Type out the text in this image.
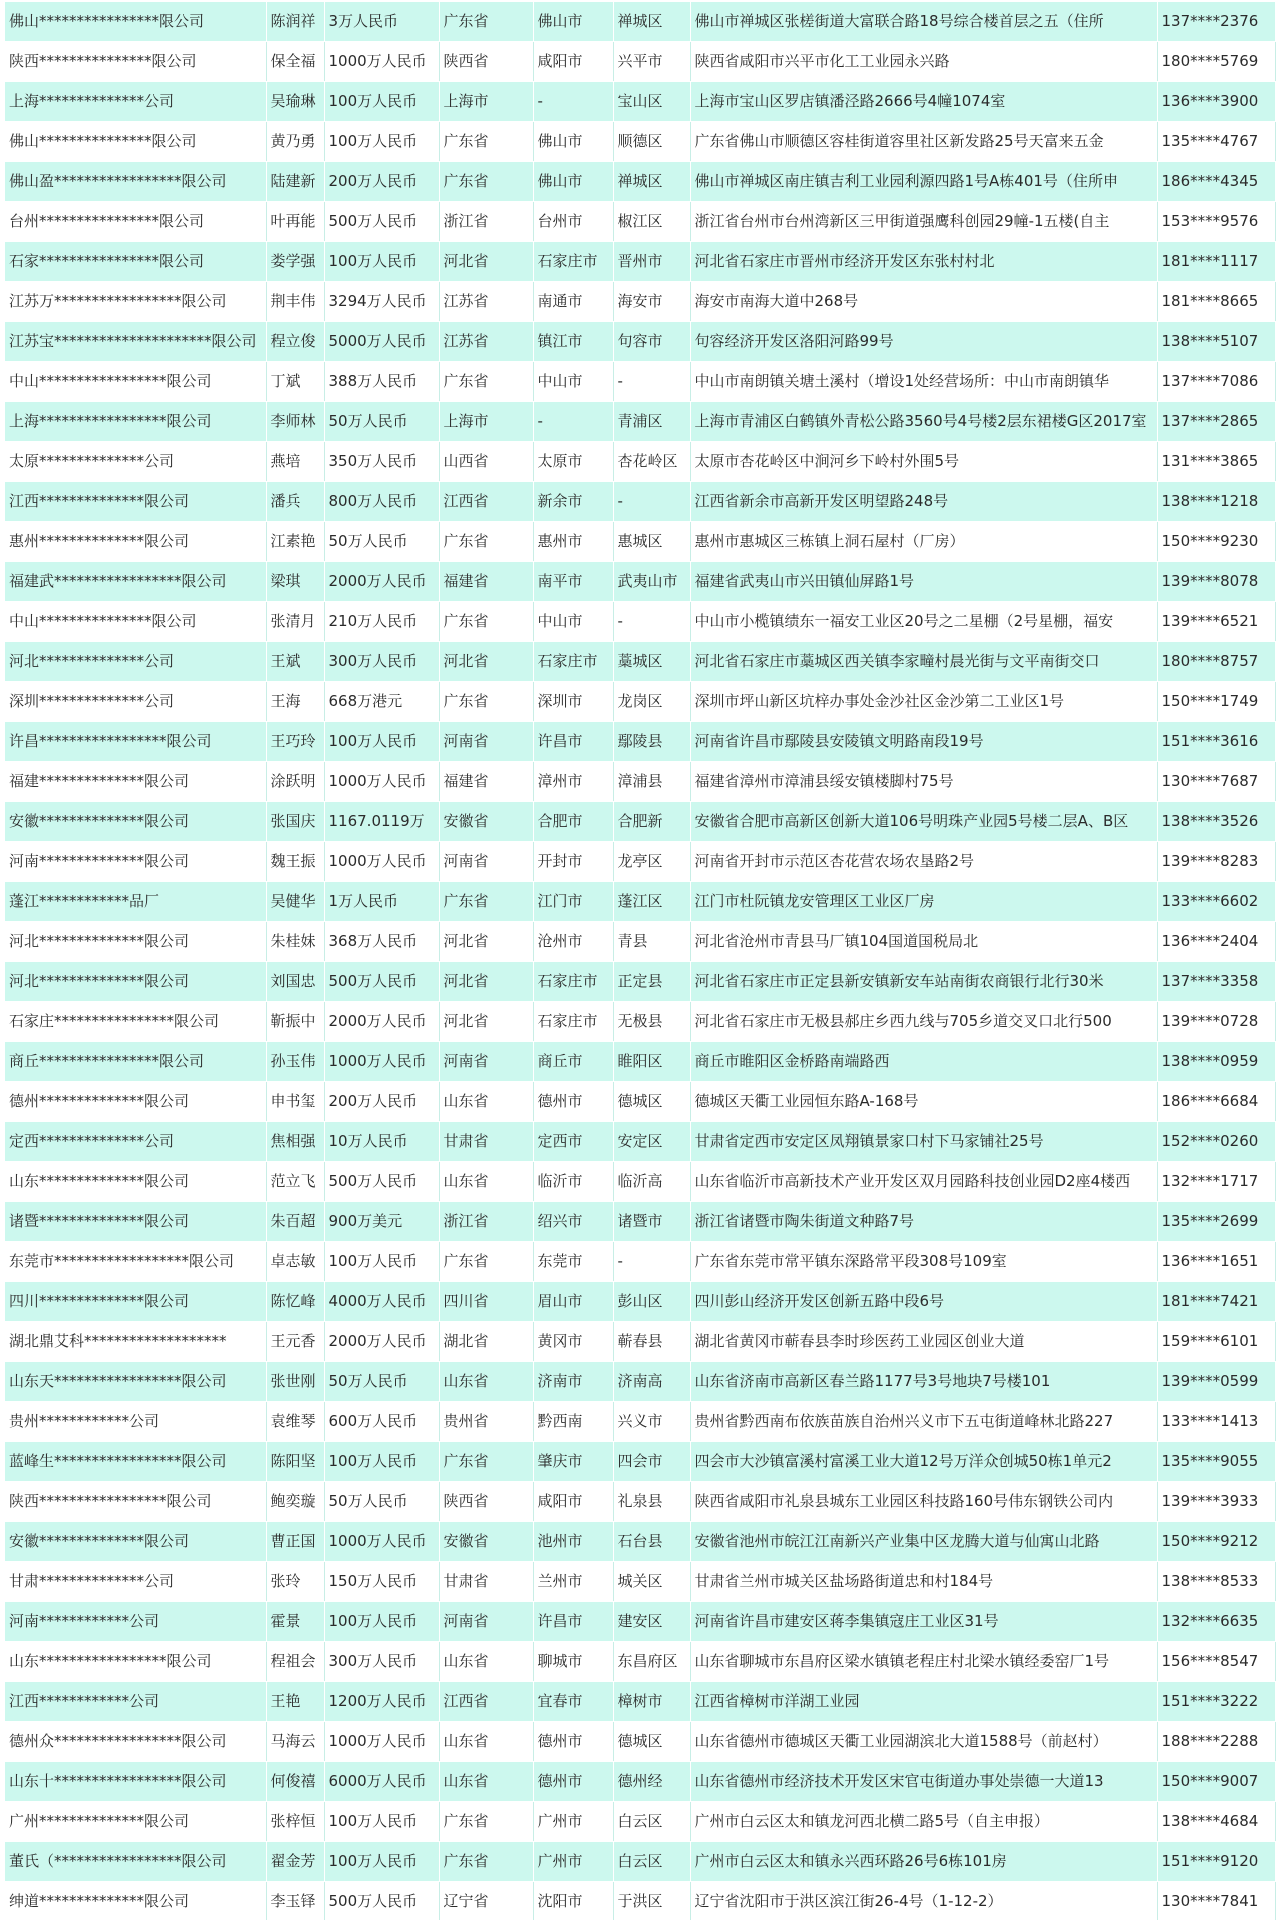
佛山****************限公司	陈润祥	3万人民币	广东省	佛山市	禅城区	佛山市禅城区张槎街道大富联合路18号综合楼首层之五（住所	137****2376
陕西***************限公司	保全福	1000万人民币	陕西省	咸阳市	兴平市	陕西省咸阳市兴平市化工工业园永兴路	180****5769
上海**************公司	吴瑜琳	100万人民币	上海市	-	宝山区	上海市宝山区罗店镇潘泾路2666号4幢1074室	136****3900
佛山***************限公司	黄乃勇	100万人民币	广东省	佛山市	顺德区	广东省佛山市顺德区容桂街道容里社区新发路25号天富来五金	135****4767
佛山盈*****************限公司	陆建新	200万人民币	广东省	佛山市	禅城区	佛山市禅城区南庄镇吉利工业园利源四路1号A栋401号（住所申	186****4345
台州****************限公司	叶再能	500万人民币	浙江省	台州市	椒江区	浙江省台州市台州湾新区三甲街道强鹰科创园29幢-1五楼(自主	153****9576
石家****************限公司	娄学强	100万人民币	河北省	石家庄市	晋州市	河北省石家庄市晋州市经济开发区东张村村北	181****1117
江苏万*****************限公司	荆丰伟	3294万人民币	江苏省	南通市	海安市	海安市南海大道中268号	181****8665
江苏宝*********************限公司	程立俊	5000万人民币	江苏省	镇江市	句容市	句容经济开发区洛阳河路99号	138****5107
中山*****************限公司	丁斌	388万人民币	广东省	中山市	-	中山市南朗镇关塘土溪村（增设1处经营场所：中山市南朗镇华	137****7086
上海*****************限公司	李师林	50万人民币	上海市	-	青浦区	上海市青浦区白鹤镇外青松公路3560号4号楼2层东裙楼G区2017室	137****2865
太原**************公司	燕培	350万人民币	山西省	太原市	杏花岭区	太原市杏花岭区中涧河乡下岭村外围5号	131****3865
江西**************限公司	潘兵	800万人民币	江西省	新余市	-	江西省新余市高新开发区明望路248号	138****1218
惠州**************限公司	江素艳	50万人民币	广东省	惠州市	惠城区	惠州市惠城区三栋镇上洞石屋村（厂房）	150****9230
福建武*****************限公司	梁琪	2000万人民币	福建省	南平市	武夷山市	福建省武夷山市兴田镇仙屏路1号	139****8078
中山***************限公司	张清月	210万人民币	广东省	中山市	-	中山市小榄镇绩东一福安工业区20号之二星棚（2号星棚，福安	139****6521
河北**************公司	王斌	300万人民币	河北省	石家庄市	藁城区	河北省石家庄市藁城区西关镇李家疃村晨光街与文平南街交口	180****8757
深圳**************公司	王海	668万港元	广东省	深圳市	龙岗区	深圳市坪山新区坑梓办事处金沙社区金沙第二工业区1号	150****1749
许昌*****************限公司	王巧玲	100万人民币	河南省	许昌市	鄢陵县	河南省许昌市鄢陵县安陵镇文明路南段19号	151****3616
福建**************限公司	涂跃明	1000万人民币	福建省	漳州市	漳浦县	福建省漳州市漳浦县绥安镇楼脚村75号	130****7687
安徽**************限公司	张国庆	1167.0119万	安徽省	合肥市	合肥新	安徽省合肥市高新区创新大道106号明珠产业园5号楼二层A、B区	138****3526
河南**************限公司	魏王振	1000万人民币	河南省	开封市	龙亭区	河南省开封市示范区杏花营农场农垦路2号	139****8283
蓬江************品厂	吴健华	1万人民币	广东省	江门市	蓬江区	江门市杜阮镇龙安管理区工业区厂房	133****6602
河北**************限公司	朱桂妹	368万人民币	河北省	沧州市	青县	河北省沧州市青县马厂镇104国道国税局北	136****2404
河北**************限公司	刘国忠	500万人民币	河北省	石家庄市	正定县	河北省石家庄市正定县新安镇新安车站南街农商银行北行30米	137****3358
石家庄****************限公司	靳振中	2000万人民币	河北省	石家庄市	无极县	河北省石家庄市无极县郝庄乡西九线与705乡道交叉口北行500	139****0728
商丘****************限公司	孙玉伟	1000万人民币	河南省	商丘市	睢阳区	商丘市睢阳区金桥路南端路西	138****0959
德州**************限公司	申书玺	200万人民币	山东省	德州市	德城区	德城区天衢工业园恒东路A-168号	186****6684
定西**************公司	焦相强	10万人民币	甘肃省	定西市	安定区	甘肃省定西市安定区凤翔镇景家口村下马家铺社25号	152****0260
山东**************限公司	范立飞	500万人民币	山东省	临沂市	临沂高	山东省临沂市高新技术产业开发区双月园路科技创业园D2座4楼西	132****1717
诸暨**************限公司	朱百超	900万美元	浙江省	绍兴市	诸暨市	浙江省诸暨市陶朱街道文种路7号	135****2699
东莞市******************限公司	卓志敏	100万人民币	广东省	东莞市	-	广东省东莞市常平镇东深路常平段308号109室	136****1651
四川**************限公司	陈忆峰	4000万人民币	四川省	眉山市	彭山区	四川彭山经济开发区创新五路中段6号	181****7421
湖北鼎艾科*******************	王元香	2000万人民币	湖北省	黄冈市	蕲春县	湖北省黄冈市蕲春县李时珍医药工业园区创业大道	159****6101
山东天*****************限公司	张世刚	50万人民币	山东省	济南市	济南高	山东省济南市高新区春兰路1177号3号地块7号楼101	139****0599
贵州************公司	袁维琴	600万人民币	贵州省	黔西南	兴义市	贵州省黔西南布依族苗族自治州兴义市下五屯街道峰林北路227	133****1413
蓝峰生*****************限公司	陈阳坚	100万人民币	广东省	肇庆市	四会市	四会市大沙镇富溪村富溪工业大道12号万洋众创城50栋1单元2	135****9055
陕西*****************限公司	鲍奕璇	50万人民币	陕西省	咸阳市	礼泉县	陕西省咸阳市礼泉县城东工业园区科技路160号伟东钢铁公司内	139****3933
安徽**************限公司	曹正国	1000万人民币	安徽省	池州市	石台县	安徽省池州市皖江江南新兴产业集中区龙腾大道与仙寓山北路	150****9212
甘肃**************公司	张玲	150万人民币	甘肃省	兰州市	城关区	甘肃省兰州市城关区盐场路街道忠和村184号	138****8533
河南************公司	霍景	100万人民币	河南省	许昌市	建安区	河南省许昌市建安区蒋李集镇寇庄工业区31号	132****6635
山东*****************限公司	程祖会	300万人民币	山东省	聊城市	东昌府区	山东省聊城市东昌府区梁水镇镇老程庄村北梁水镇经委窑厂1号	156****8547
江西************公司	王艳	1200万人民币	江西省	宜春市	樟树市	江西省樟树市洋湖工业园	151****3222
德州众*****************限公司	马海云	1000万人民币	山东省	德州市	德城区	山东省德州市德城区天衢工业园湖滨北大道1588号（前赵村）	188****2288
山东十*****************限公司	何俊禧	6000万人民币	山东省	德州市	德州经	山东省德州市经济技术开发区宋官屯街道办事处崇德一大道13	150****9007
广州**************限公司	张梓恒	100万人民币	广东省	广州市	白云区	广州市白云区太和镇龙河西北横二路5号（自主申报）	138****4684
董氏（*****************限公司	翟金芳	100万人民币	广东省	广州市	白云区	广州市白云区太和镇永兴西环路26号6栋101房	151****9120
绅道**************限公司	李玉铎	500万人民币	辽宁省	沈阳市	于洪区	辽宁省沈阳市于洪区滨江街26-4号（1-12-2）	130****7841
